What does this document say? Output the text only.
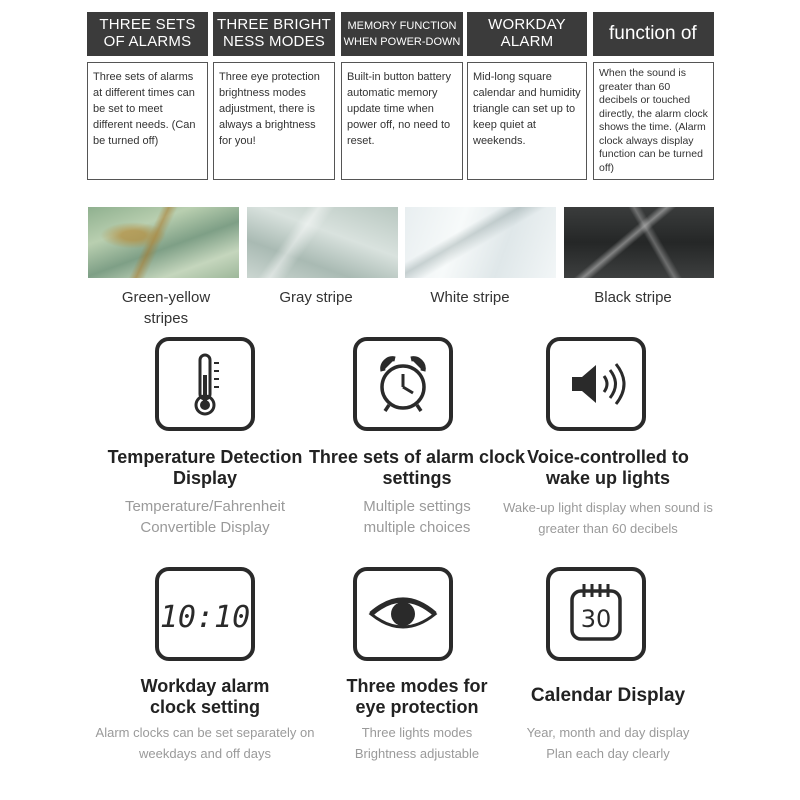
THREE SETS OF ALARMS
Three sets of alarms at different times can be set to meet different needs. (Can be turned off)
THREE BRIGHTNESS MODES
Three eye protection brightness modes adjustment, there is always a brightness for you!
MEMORY FUNCTION WHEN POWER-DOWN
Built-in button battery automatic memory update time when power off, no need to reset.
WORKDAY ALARM
Mid-long square calendar and humidity triangle can set up to keep quiet at weekends.
function of
When the sound is greater than 60 decibels or touched directly, the alarm clock shows the time. (Alarm clock always display function can be turned off)
Green-yellow stripes
Gray stripe	White stripe	Black stripe
Temperature Detection Display
Temperature/Fahrenheit Convertible Display
Three sets of alarm clock settings
Multiple settings multiple choices
Voice-controlled to wake up lights
Wake-up light display when sound is greater than 60 decibels
10:10	30
Workday alarm clock setting
Alarm clocks can be set separately on weekdays and off days
Three modes for eye protection
Three lights modes Brightness adjustable
Calendar Display
Year, month and day display Plan each day clearly
